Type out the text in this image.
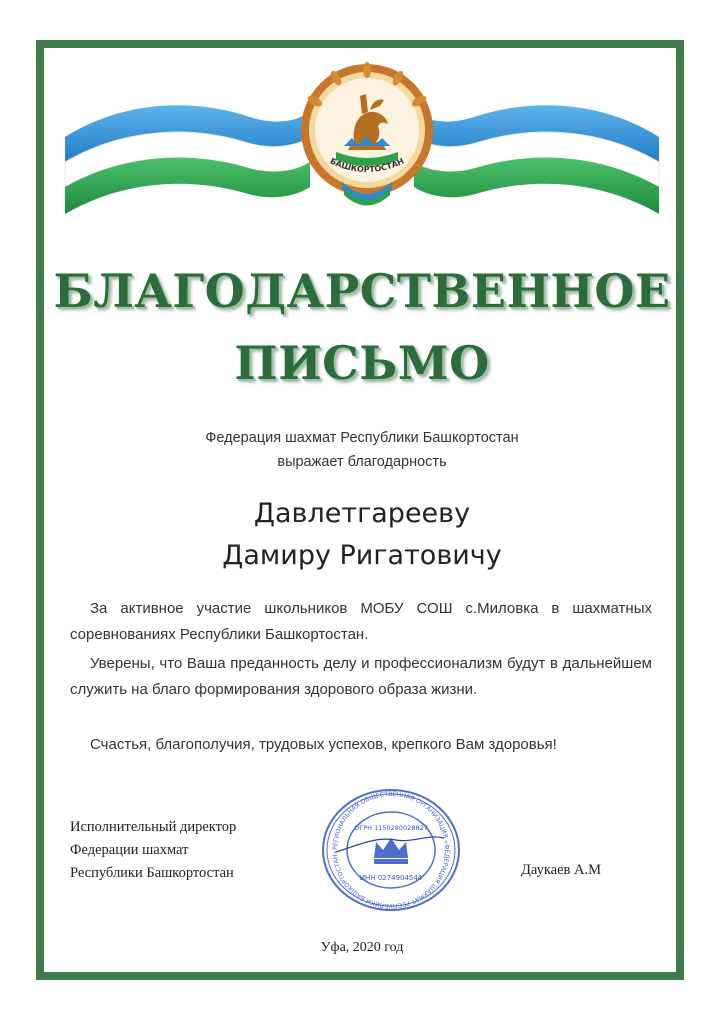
БАШКОРТОСТАН
БЛАГОДАРСТВЕННОЕ
ПИСЬМО
Федерация шахмат Республики Башкортостан
выражает благодарность
Давлетгарееву
Дамиру Ригатовичу
За активное участие школьников МОБУ СОШ с.Миловка в шахматных соревнованиях Республики Башкортостан.
Уверены, что Ваша преданность делу и профессионализм будут в дальнейшем служить на благо формирования здорового образа жизни.
Счастья, благополучия, трудовых успехов, крепкого Вам здоровья!
Исполнительный директор
Федерации шахмат
Республики Башкортостан
РЕГИОНАЛЬНАЯ ОБЩЕСТВЕННАЯ ОРГАНИЗАЦИЯ «ФЕДЕРАЦИЯ ШАХМАТ РЕСПУБЛИКИ БАШКОРТОСТАН»
ОГРН 1150280028827
ИНН 0274904544	Даукаев А.М
Уфа, 2020 год
